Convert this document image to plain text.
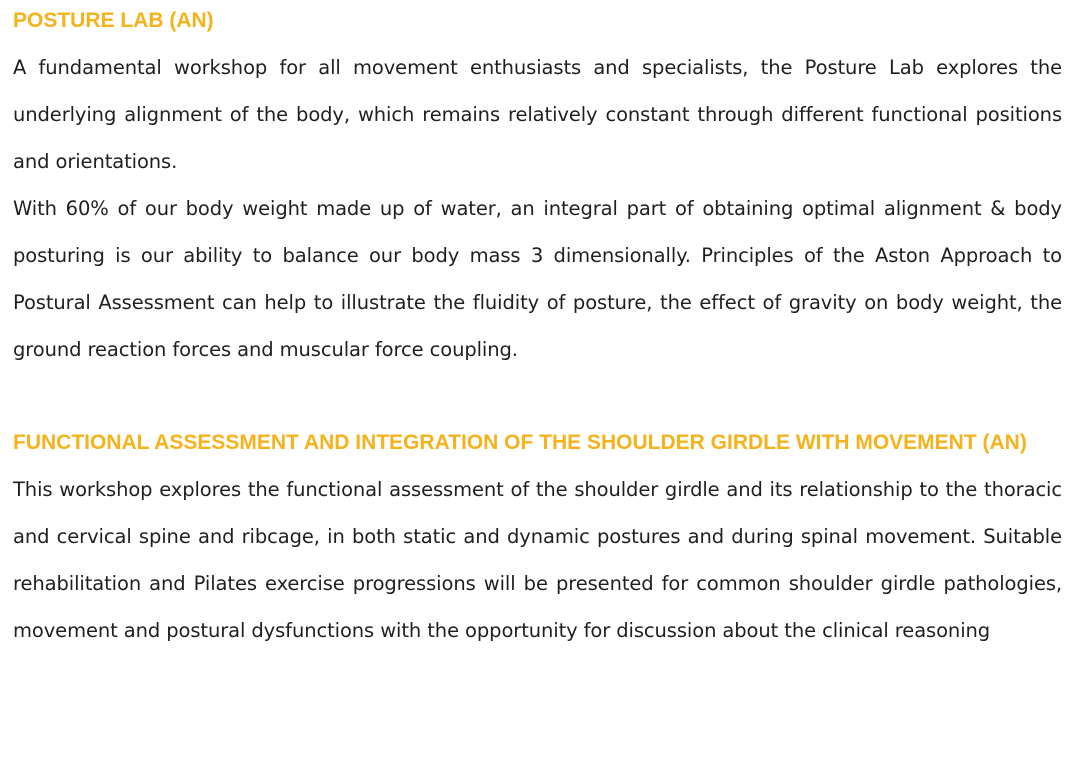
POSTURE LAB (AN)

A fundamental workshop for all movement enthusiasts and specialists, the Posture Lab explores the underlying alignment of the body, which remains relatively constant through different functional positions and orientations.

With 60% of our body weight made up of water, an integral part of obtaining optimal alignment & body posturing is our ability to balance our body mass 3 dimensionally. Principles of the Aston Approach to Postural Assessment can help to illustrate the fluidity of posture, the effect of gravity on body weight, the ground reaction forces and muscular force coupling.

FUNCTIONAL ASSESSMENT AND INTEGRATION OF THE SHOULDER GIRDLE WITH MOVEMENT (AN)

This workshop explores the functional assessment of the shoulder girdle and its relationship to the thoracic and cervical spine and ribcage, in both static and dynamic postures and during spinal movement. Suitable rehabilitation and Pilates exercise progressions will be presented for common shoulder girdle pathologies, movement and postural dysfunctions with the opportunity for discussion about the clinical reasoning
